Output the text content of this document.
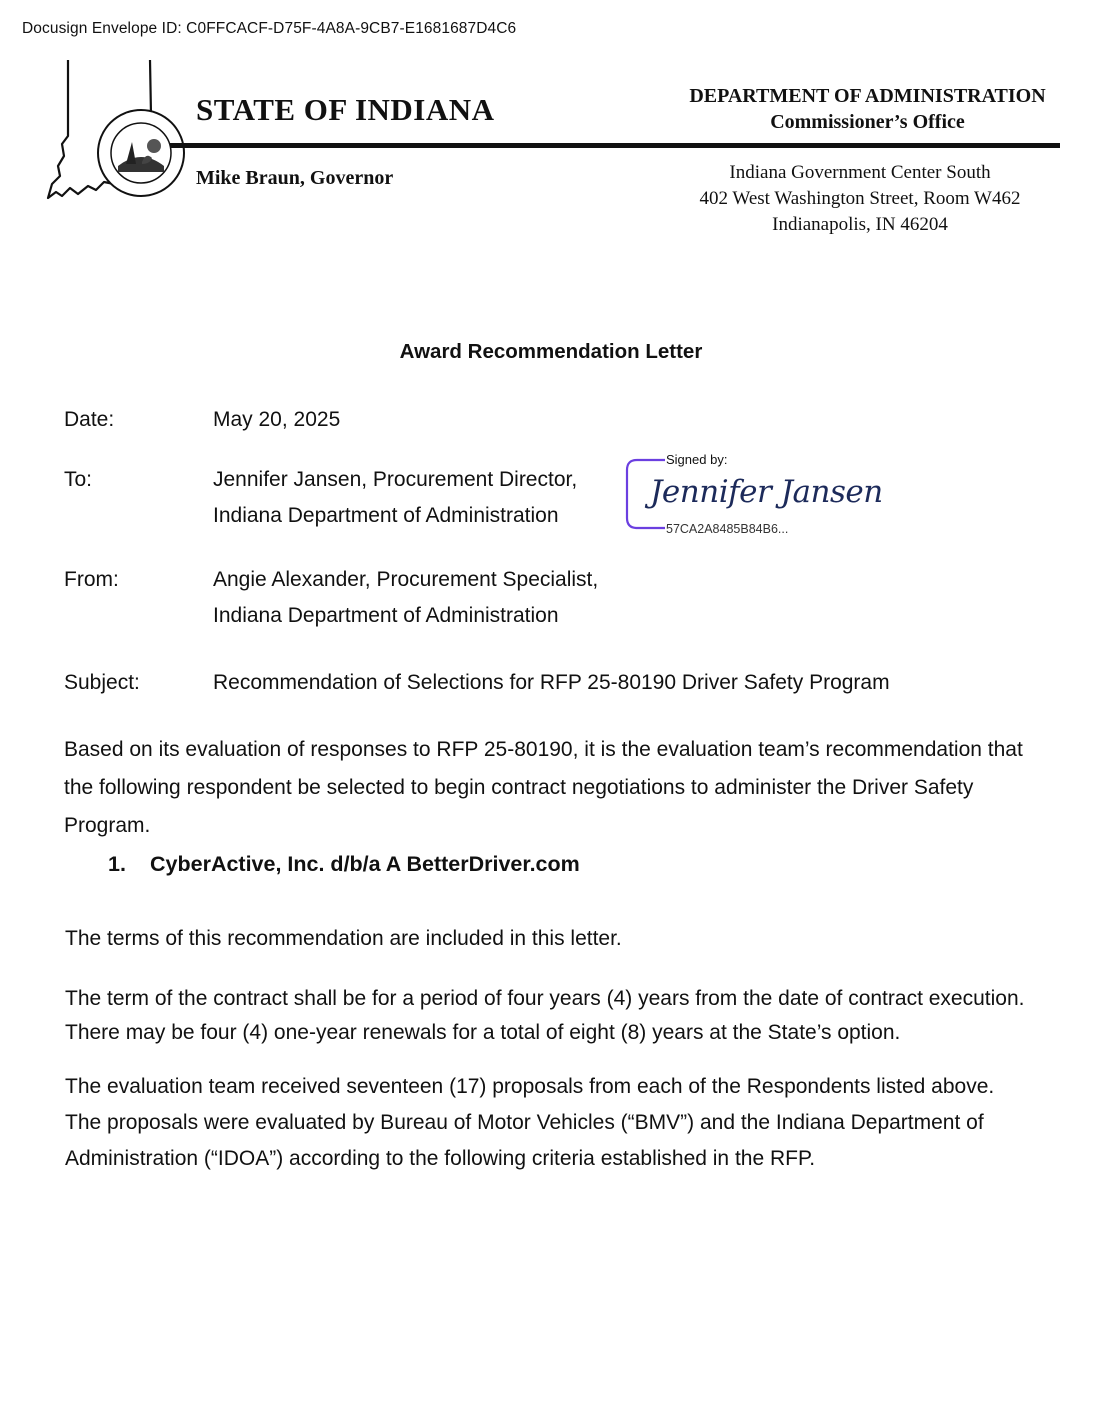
Docusign Envelope ID: C0FFCACF-D75F-4A8A-9CB7-E1681687D4C6
STATE OF INDIANA
Mike Braun, Governor
DEPARTMENT OF ADMINISTRATION
Commissioner’s Office
Indiana Government Center South
402 West Washington Street, Room W462
Indianapolis, IN 46204
Award Recommendation Letter
Date:	May 20, 2025
To:	Jennifer Jansen, Procurement Director,
Indiana Department of Administration
Signed by:
Jennifer Jansen
57CA2A8485B84B6...
From:	Angie Alexander, Procurement Specialist,
Indiana Department of Administration
Subject:	Recommendation of Selections for RFP 25-80190 Driver Safety Program
Based on its evaluation of responses to RFP 25-80190, it is the evaluation team’s recommendation that
the following respondent be selected to begin contract negotiations to administer the Driver Safety Program.
1. CyberActive, Inc. d/b/a A BetterDriver.com
The terms of this recommendation are included in this letter.
The term of the contract shall be for a period of four years (4) years from the date of contract execution.
There may be four (4) one-year renewals for a total of eight (8) years at the State’s option.
The evaluation team received seventeen (17) proposals from each of the Respondents listed above.
The proposals were evaluated by Bureau of Motor Vehicles (“BMV”) and the Indiana Department of
Administration (“IDOA”) according to the following criteria established in the RFP.
